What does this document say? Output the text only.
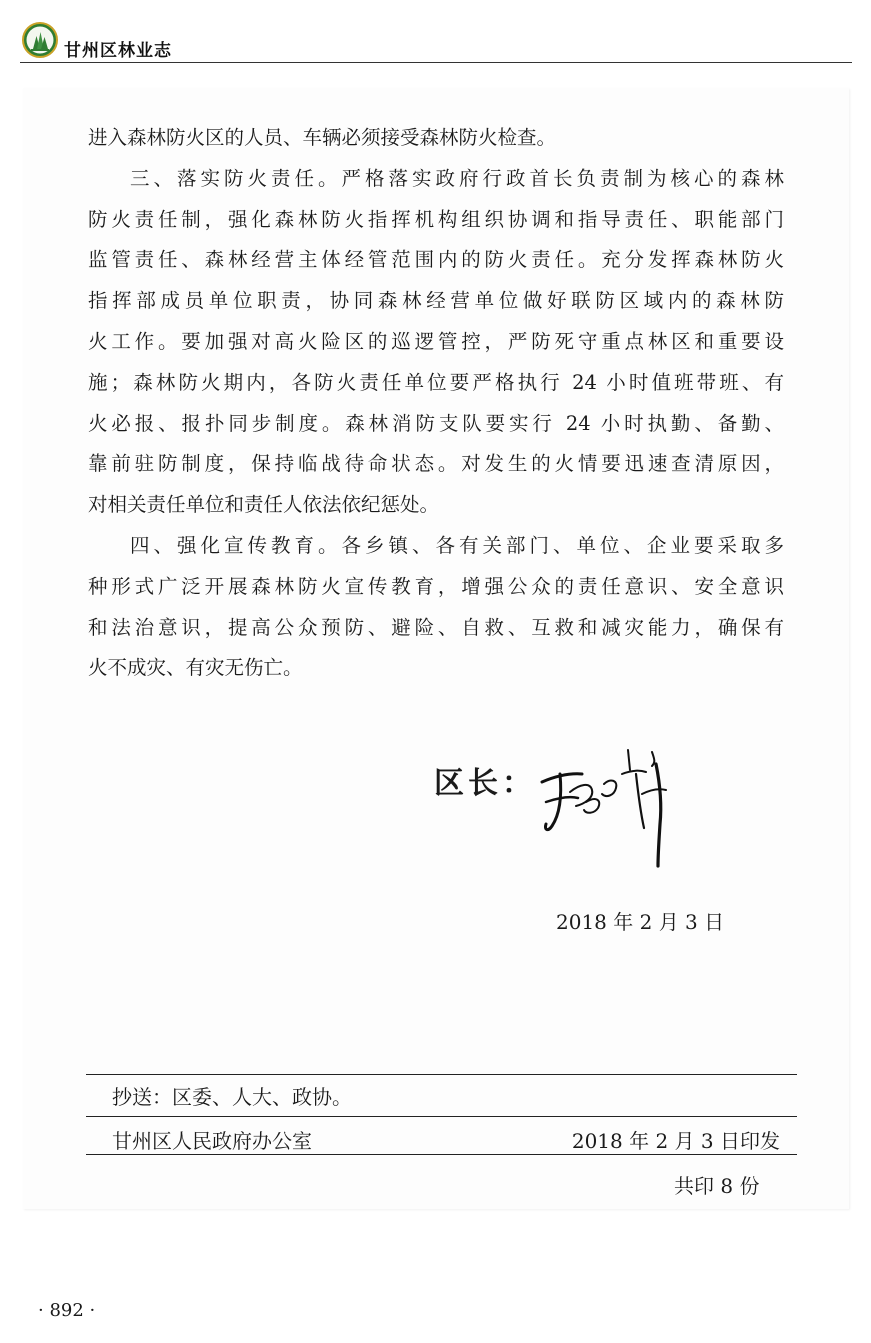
甘州区林业志
进入森林防火区的人员、车辆必须接受森林防火检查。
三、落实防火责任。严格落实政府行政首长负责制为核心的森林
防火责任制，强化森林防火指挥机构组织协调和指导责任、职能部门
监管责任、森林经营主体经管范围内的防火责任。充分发挥森林防火
指挥部成员单位职责，协同森林经营单位做好联防区域内的森林防
火工作。要加强对高火险区的巡逻管控，严防死守重点林区和重要设
施；森林防火期内，各防火责任单位要严格执行 24 小时值班带班、有
火必报、报扑同步制度。森林消防支队要实行 24 小时执勤、备勤、
靠前驻防制度，保持临战待命状态。对发生的火情要迅速查清原因，
对相关责任单位和责任人依法依纪惩处。
四、强化宣传教育。各乡镇、各有关部门、单位、企业要采取多
种形式广泛开展森林防火宣传教育，增强公众的责任意识、安全意识
和法治意识，提高公众预防、避险、自救、互救和减灾能力，确保有
火不成灾、有灾无伤亡。
区长：
2018 年 2 月 3 日
抄送：区委、人大、政协。
甘州区人民政府办公室	2018 年 2 月 3 日印发
共印 8 份
· 892 ·
